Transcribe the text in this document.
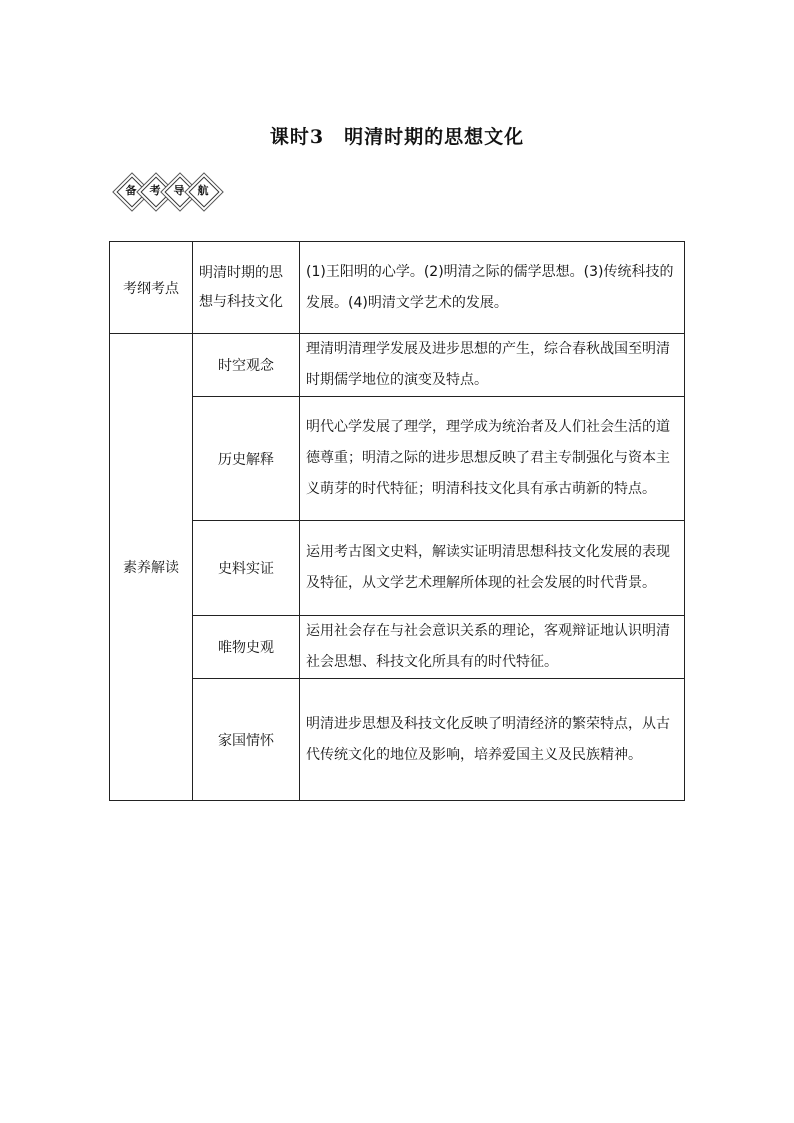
课时3　明清时期的思想文化
备	考	导	航
考纲考点	明清时期的思想与科技文化	(1)王阳明的心学。(2)明清之际的儒学思想。(3)传统科技的发展。(4)明清文学艺术的发展。
素养解读	时空观念	理清明清理学发展及进步思想的产生，综合春秋战国至明清时期儒学地位的演变及特点。
	历史解释	明代心学发展了理学，理学成为统治者及人们社会生活的道德尊重；明清之际的进步思想反映了君主专制强化与资本主义萌芽的时代特征；明清科技文化具有承古萌新的特点。
	史料实证	运用考古图文史料，解读实证明清思想科技文化发展的表现及特征，从文学艺术理解所体现的社会发展的时代背景。
	唯物史观	运用社会存在与社会意识关系的理论，客观辩证地认识明清社会思想、科技文化所具有的时代特征。
	家国情怀	明清进步思想及科技文化反映了明清经济的繁荣特点，从古代传统文化的地位及影响，培养爱国主义及民族精神。
